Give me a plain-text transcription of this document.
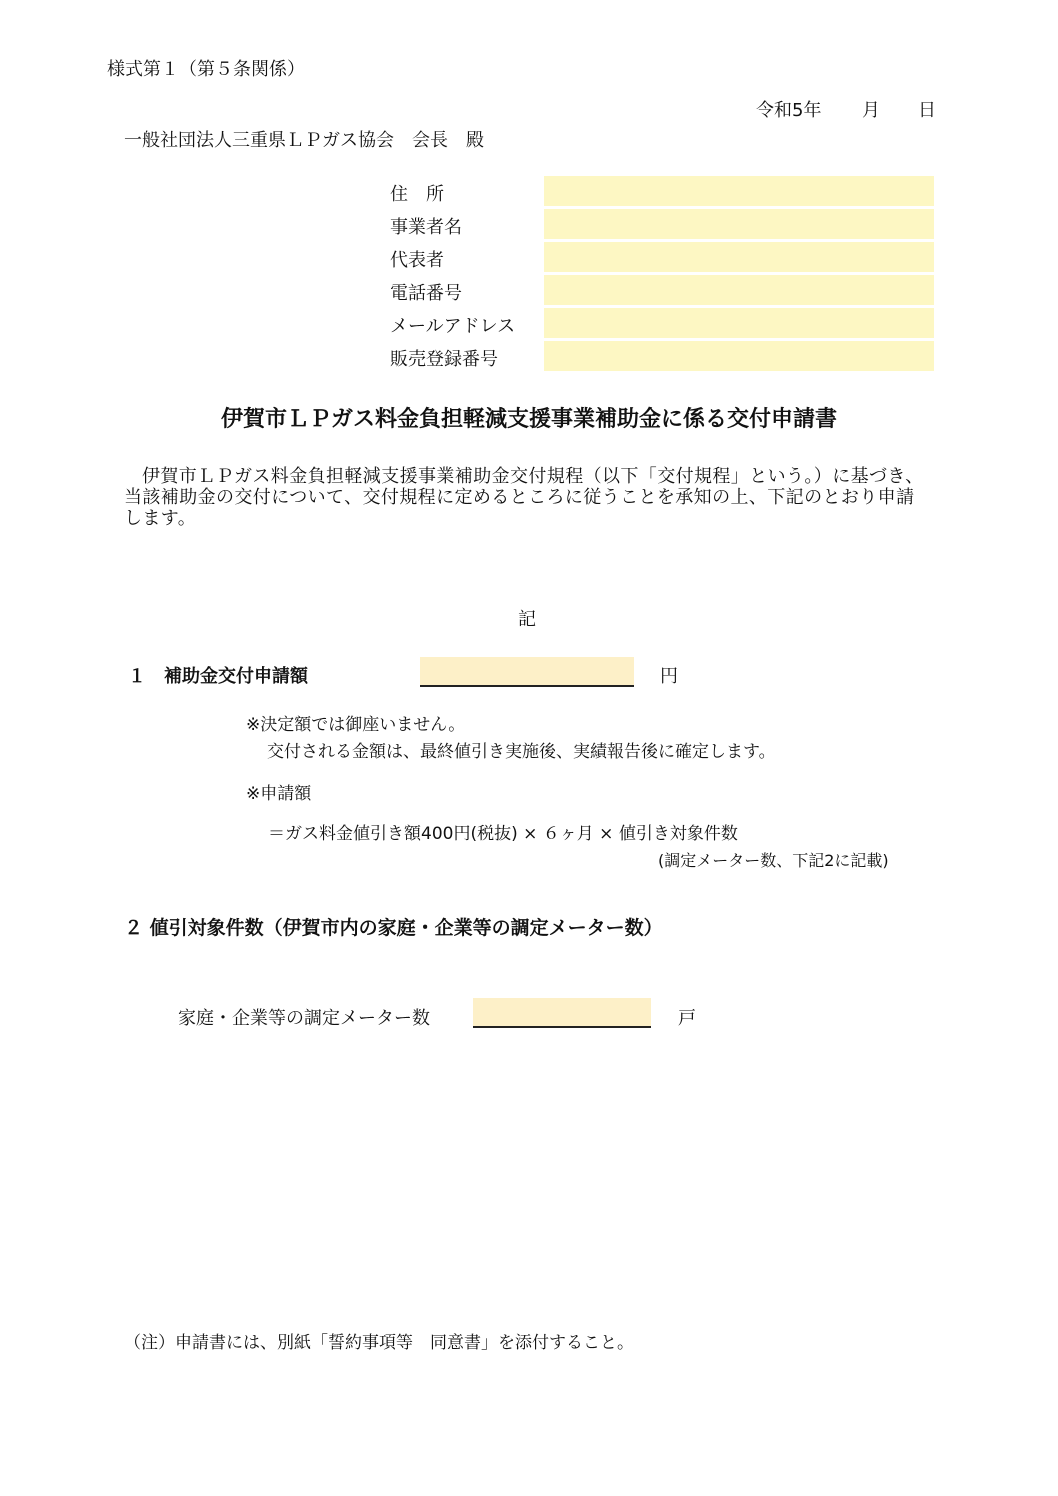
様式第１（第５条関係）
令和5年 月 日
一般社団法人三重県ＬＰガス協会　会長　殿
住　所
事業者名
代表者
電話番号
メールアドレス
販売登録番号
伊賀市ＬＰガス料金負担軽減支援事業補助金に係る交付申請書
伊賀市ＬＰガス料金負担軽減支援事業補助金交付規程（以下「交付規程」という。）に基づき、当該補助金の交付について、交付規程に定めるところに従うことを承知の上、下記のとおり申請します。
記
１　補助金交付申請額	円
※決定額では御座いません。
交付される金額は、最終値引き実施後、実績報告後に確定します。
※申請額
＝ガス料金値引き額400円(税抜) × ６ヶ月 × 値引き対象件数
(調定メーター数、下記2に記載)
２ 値引対象件数（伊賀市内の家庭・企業等の調定メーター数）
家庭・企業等の調定メーター数	戸
（注）申請書には、別紙「誓約事項等　同意書」を添付すること。
